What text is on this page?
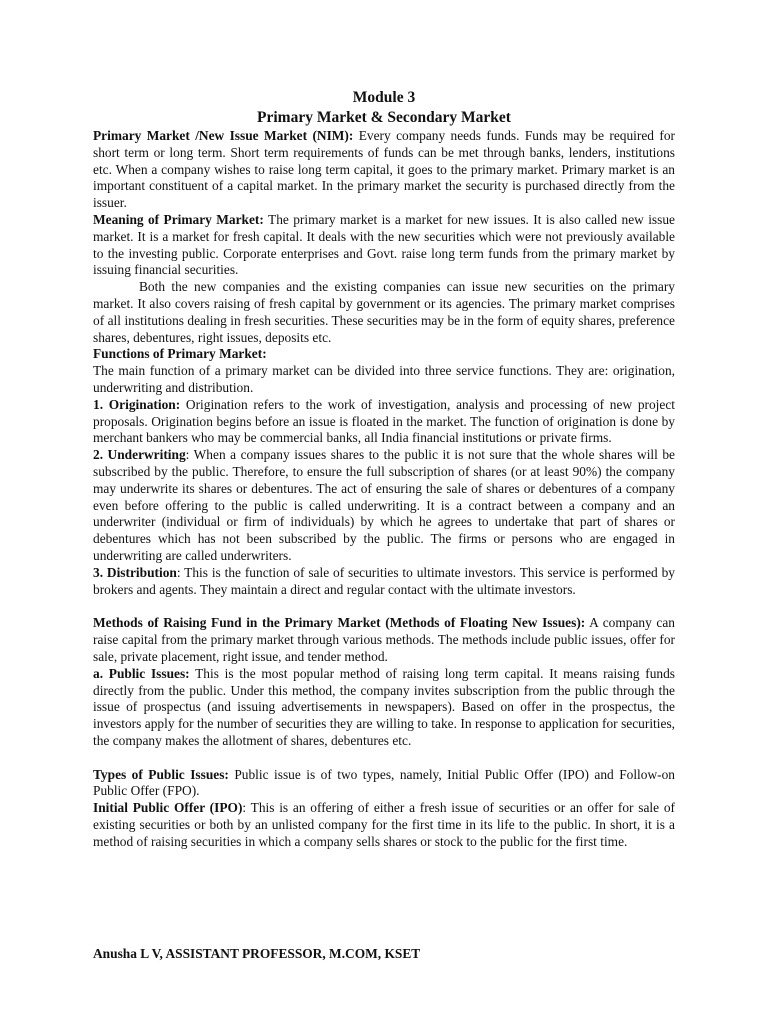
Module 3

Primary Market & Secondary Market

Primary Market /New Issue Market (NIM): Every company needs funds. Funds may be required for short term or long term. Short term requirements of funds can be met through banks, lenders, institutions etc. When a company wishes to raise long term capital, it goes to the primary market. Primary market is an important constituent of a capital market. In the primary market the security is purchased directly from the issuer.

Meaning of Primary Market: The primary market is a market for new issues. It is also called new issue market. It is a market for fresh capital. It deals with the new securities which were not previously available to the investing public. Corporate enterprises and Govt. raise long term funds from the primary market by issuing financial securities.

Both the new companies and the existing companies can issue new securities on the primary market. It also covers raising of fresh capital by government or its agencies. The primary market comprises of all institutions dealing in fresh securities. These securities may be in the form of equity shares, preference shares, debentures, right issues, deposits etc.

Functions of Primary Market:

The main function of a primary market can be divided into three service functions. They are: origination, underwriting and distribution.

1. Origination: Origination refers to the work of investigation, analysis and processing of new project proposals. Origination begins before an issue is floated in the market. The function of origination is done by merchant bankers who may be commercial banks, all India financial institutions or private firms.

2. Underwriting: When a company issues shares to the public it is not sure that the whole shares will be subscribed by the public. Therefore, to ensure the full subscription of shares (or at least 90%) the company may underwrite its shares or debentures. The act of ensuring the sale of shares or debentures of a company even before offering to the public is called underwriting. It is a contract between a company and an underwriter (individual or firm of individuals) by which he agrees to undertake that part of shares or debentures which has not been subscribed by the public. The firms or persons who are engaged in underwriting are called underwriters.

3. Distribution: This is the function of sale of securities to ultimate investors. This service is performed by brokers and agents. They maintain a direct and regular contact with the ultimate investors.

Methods of Raising Fund in the Primary Market (Methods of Floating New Issues): A company can raise capital from the primary market through various methods. The methods include public issues, offer for sale, private placement, right issue, and tender method.

a. Public Issues: This is the most popular method of raising long term capital. It means raising funds directly from the public. Under this method, the company invites subscription from the public through the issue of prospectus (and issuing advertisements in newspapers). Based on offer in the prospectus, the investors apply for the number of securities they are willing to take. In response to application for securities, the company makes the allotment of shares, debentures etc.

Types of Public Issues: Public issue is of two types, namely, Initial Public Offer (IPO) and Follow-on Public Offer (FPO).

Initial Public Offer (IPO): This is an offering of either a fresh issue of securities or an offer for sale of existing securities or both by an unlisted company for the first time in its life to the public. In short, it is a method of raising securities in which a company sells shares or stock to the public for the first time.

Anusha L V, ASSISTANT PROFESSOR, M.COM, KSET
